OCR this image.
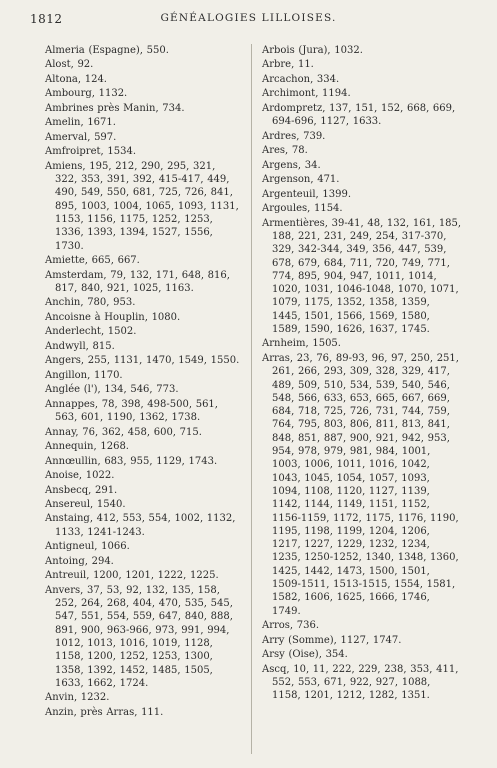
1812	GÉNÉALOGIES LILLOISES.

Almeria (Espagne), 550.

Alost, 92.

Altona, 124.

Ambourg, 1132.

Ambrines près Manin, 734.

Amelin, 1671.

Amerval, 597.

Amfroipret, 1534.

Amiens, 195, 212, 290, 295, 321, 322, 353, 391, 392, 415-417, 449, 490, 549, 550, 681, 725, 726, 841, 895, 1003, 1004, 1065, 1093, 1131, 1153, 1156, 1175, 1252, 1253, 1336, 1393, 1394, 1527, 1556, 1730.

Amiette, 665, 667.

Amsterdam, 79, 132, 171, 648, 816, 817, 840, 921, 1025, 1163.

Anchin, 780, 953.

Ancoisne à Houplin, 1080.

Anderlecht, 1502.

Andwyll, 815.

Angers, 255, 1131, 1470, 1549, 1550.

Angillon, 1170.

Anglée (l'), 134, 546, 773.

Annappes, 78, 398, 498-500, 561, 563, 601, 1190, 1362, 1738.

Annay, 76, 362, 458, 600, 715.

Annequin, 1268.

Annœullin, 683, 955, 1129, 1743.

Anoise, 1022.

Ansbecq, 291.

Ansereul, 1540.

Anstaing, 412, 553, 554, 1002, 1132, 1133, 1241-1243.

Antigneul, 1066.

Antoing, 294.

Antreuil, 1200, 1201, 1222, 1225.

Anvers, 37, 53, 92, 132, 135, 158, 252, 264, 268, 404, 470, 535, 545, 547, 551, 554, 559, 647, 840, 888, 891, 900, 963-966, 973, 991, 994, 1012, 1013, 1016, 1019, 1128, 1158, 1200, 1252, 1253, 1300, 1358, 1392, 1452, 1485, 1505, 1633, 1662, 1724.

Anvin, 1232.

Anzin, près Arras, 111.

Arbois (Jura), 1032.

Arbre, 11.

Arcachon, 334.

Archimont, 1194.

Ardompretz, 137, 151, 152, 668, 669, 694-696, 1127, 1633.

Ardres, 739.

Ares, 78.

Argens, 34.

Argenson, 471.

Argenteuil, 1399.

Argoules, 1154.

Armentières, 39-41, 48, 132, 161, 185, 188, 221, 231, 249, 254, 317-370, 329, 342-344, 349, 356, 447, 539, 678, 679, 684, 711, 720, 749, 771, 774, 895, 904, 947, 1011, 1014, 1020, 1031, 1046-1048, 1070, 1071, 1079, 1175, 1352, 1358, 1359, 1445, 1501, 1566, 1569, 1580, 1589, 1590, 1626, 1637, 1745.

Arnheim, 1505.

Arras, 23, 76, 89-93, 96, 97, 250, 251, 261, 266, 293, 309, 328, 329, 417, 489, 509, 510, 534, 539, 540, 546, 548, 566, 633, 653, 665, 667, 669, 684, 718, 725, 726, 731, 744, 759, 764, 795, 803, 806, 811, 813, 841, 848, 851, 887, 900, 921, 942, 953, 954, 978, 979, 981, 984, 1001, 1003, 1006, 1011, 1016, 1042, 1043, 1045, 1054, 1057, 1093, 1094, 1108, 1120, 1127, 1139, 1142, 1144, 1149, 1151, 1152, 1156-1159, 1172, 1175, 1176, 1190, 1195, 1198, 1199, 1204, 1206, 1217, 1227, 1229, 1232, 1234, 1235, 1250-1252, 1340, 1348, 1360, 1425, 1442, 1473, 1500, 1501, 1509-1511, 1513-1515, 1554, 1581, 1582, 1606, 1625, 1666, 1746, 1749.

Arros, 736.

Arry (Somme), 1127, 1747.

Arsy (Oise), 354.

Ascq, 10, 11, 222, 229, 238, 353, 411, 552, 553, 671, 922, 927, 1088, 1158, 1201, 1212, 1282, 1351.
